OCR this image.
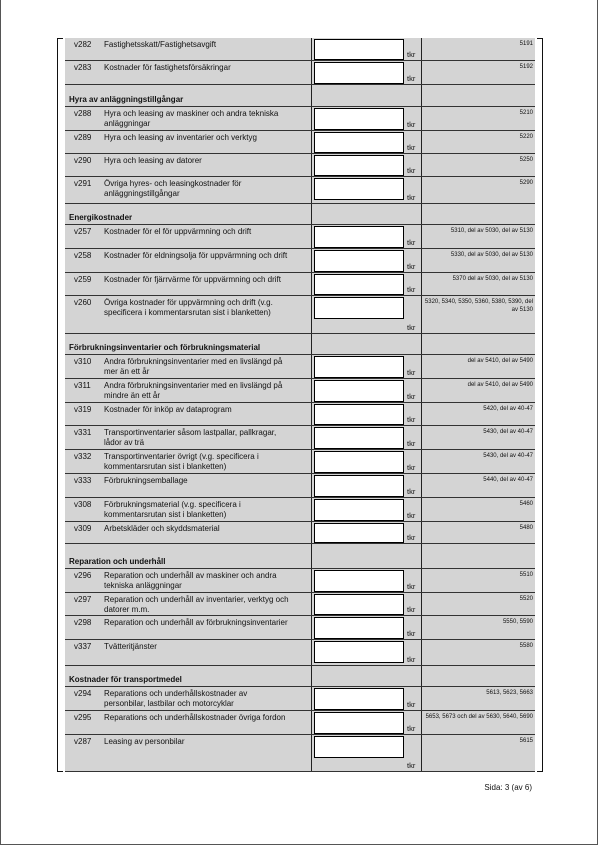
v282 Fastighetsskatt/Fastighetsavgift
tkr
5191
v283 Kostnader för fastighetsförsäkringar
tkr
5192
Hyra av anläggningstillgångar
v288 Hyra och leasing av maskiner och andra tekniska anläggningar	tkr
5210
v289 Hyra och leasing av inventarier och verktyg
tkr
5220
v290 Hyra och leasing av datorer
tkr
5250
v291 Övriga hyres- och leasingkostnader för anläggningstillgångar	tkr
5290
Energikostnader
v257 Kostnader för el för uppvärmning och drift
tkr
5310, del av 5030, del av 5130
v258 Kostnader för eldningsolja för uppvärmning och drift
tkr
5330, del av 5030, del av 5130
v259 Kostnader för fjärrvärme för uppvärmning och drift
tkr
5370 del av 5030, del av 5130
v260 Övriga kostnader för uppvärmning och drift (v.g. specificera i kommentarsrutan sist i blanketten)
tkr
5320, 5340, 5350, 5360, 5380, 5390, del av 5130
Förbrukningsinventarier och förbrukningsmaterial
v310 Andra förbrukningsinventarier med en livslängd på mer än ett år	tkr
del av 5410, del av 5490
v311 Andra förbrukningsinventarier med en livslängd på mindre än ett år	tkr
del av 5410, del av 5490
v319 Kostnader för inköp av dataprogram
tkr
5420, del av 40-47
v331 Transportinventarier såsom lastpallar, pallkragar, lådor av trä	tkr
5430, del av 40-47
v332 Transportinventarier övrigt (v.g. specificera i kommentarsrutan sist i blanketten)	tkr
5430, del av 40-47
v333 Förbrukningsemballage
tkr
5440, del av 40-47
v308 Förbrukningsmaterial (v.g. specificera i kommentarsrutan sist i blanketten)	tkr
5460
v309 Arbetskläder och skyddsmaterial
tkr
5480
Reparation och underhåll
v296 Reparation och underhåll av maskiner och andra tekniska anläggningar	tkr
5510
v297 Reparation och underhåll av inventarier, verktyg och datorer m.m.	tkr
5520
v298 Reparation och underhåll av förbrukningsinventarier
tkr
5550, 5590
v337 Tvätteritjänster
tkr
5580
Kostnader för transportmedel
v294 Reparations och underhållskostnader av personbilar, lastbilar och motorcyklar	tkr
5613, 5623, 5663
v295 Reparations och underhållskostnader övriga fordon
tkr
5653, 5673 och del av 5630, 5640, 5690
v287 Leasing av personbilar
tkr
5615
Sida: 3 (av 6)
